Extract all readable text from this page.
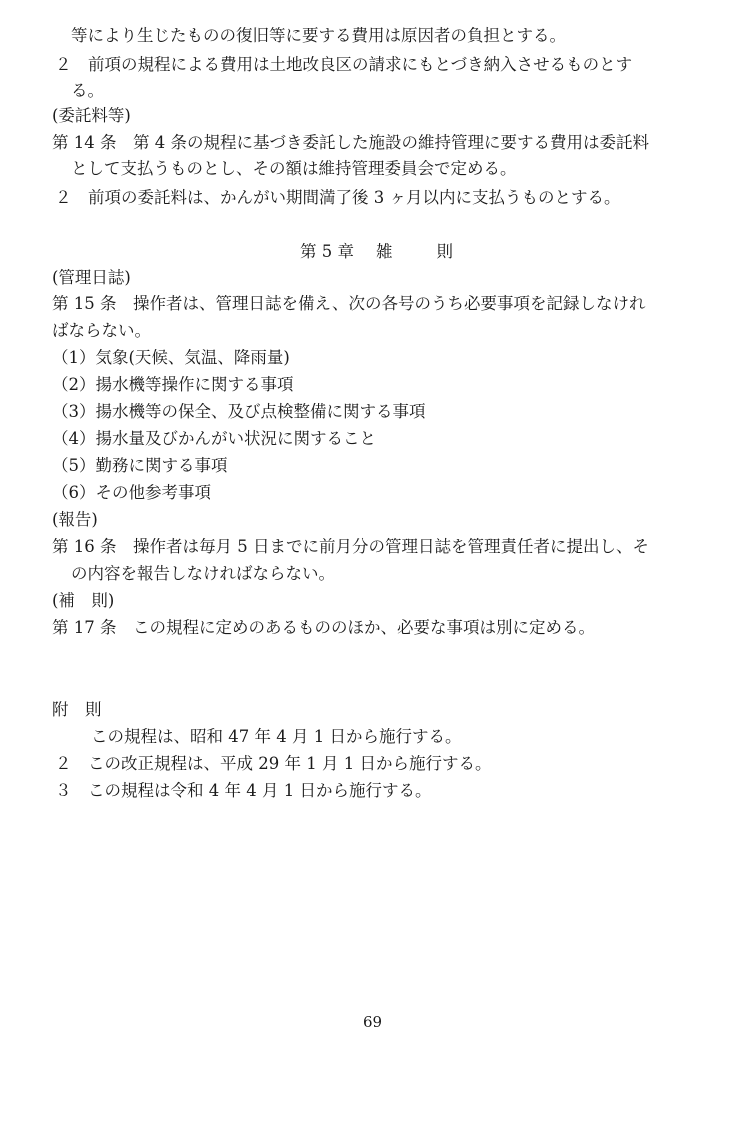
等により生じたものの復旧等に要する費用は原因者の負担とする。
２　前項の規程による費用は土地改良区の請求にもとづき納入させるものとす
る。
(委託料等)
第 14 条　第 4 条の規程に基づき委託した施設の維持管理に要する費用は委託料
として支払うものとし、その額は維持管理委員会で定める。
２　前項の委託料は、かんがい期間満了後 3 ヶ月以内に支払うものとする。
第 5 章 雑	則
(管理日誌)
第 15 条　操作者は、管理日誌を備え、次の各号のうち必要事項を記録しなけれ
ばならない。
（1）気象(天候、気温、降雨量)
（2）揚水機等操作に関する事項
（3）揚水機等の保全、及び点検整備に関する事項
（4）揚水量及びかんがい状況に関すること
（5）勤務に関する事項
（6）その他参考事項
(報告)
第 16 条　操作者は毎月 5 日までに前月分の管理日誌を管理責任者に提出し、そ
の内容を報告しなければならない。
(補　則)
第 17 条　この規程に定めのあるもののほか、必要な事項は別に定める。
附　則
この規程は、昭和 47 年 4 月 1 日から施行する。
２　この改正規程は、平成 29 年 1 月 1 日から施行する。
３　この規程は令和 4 年 4 月 1 日から施行する。
69
